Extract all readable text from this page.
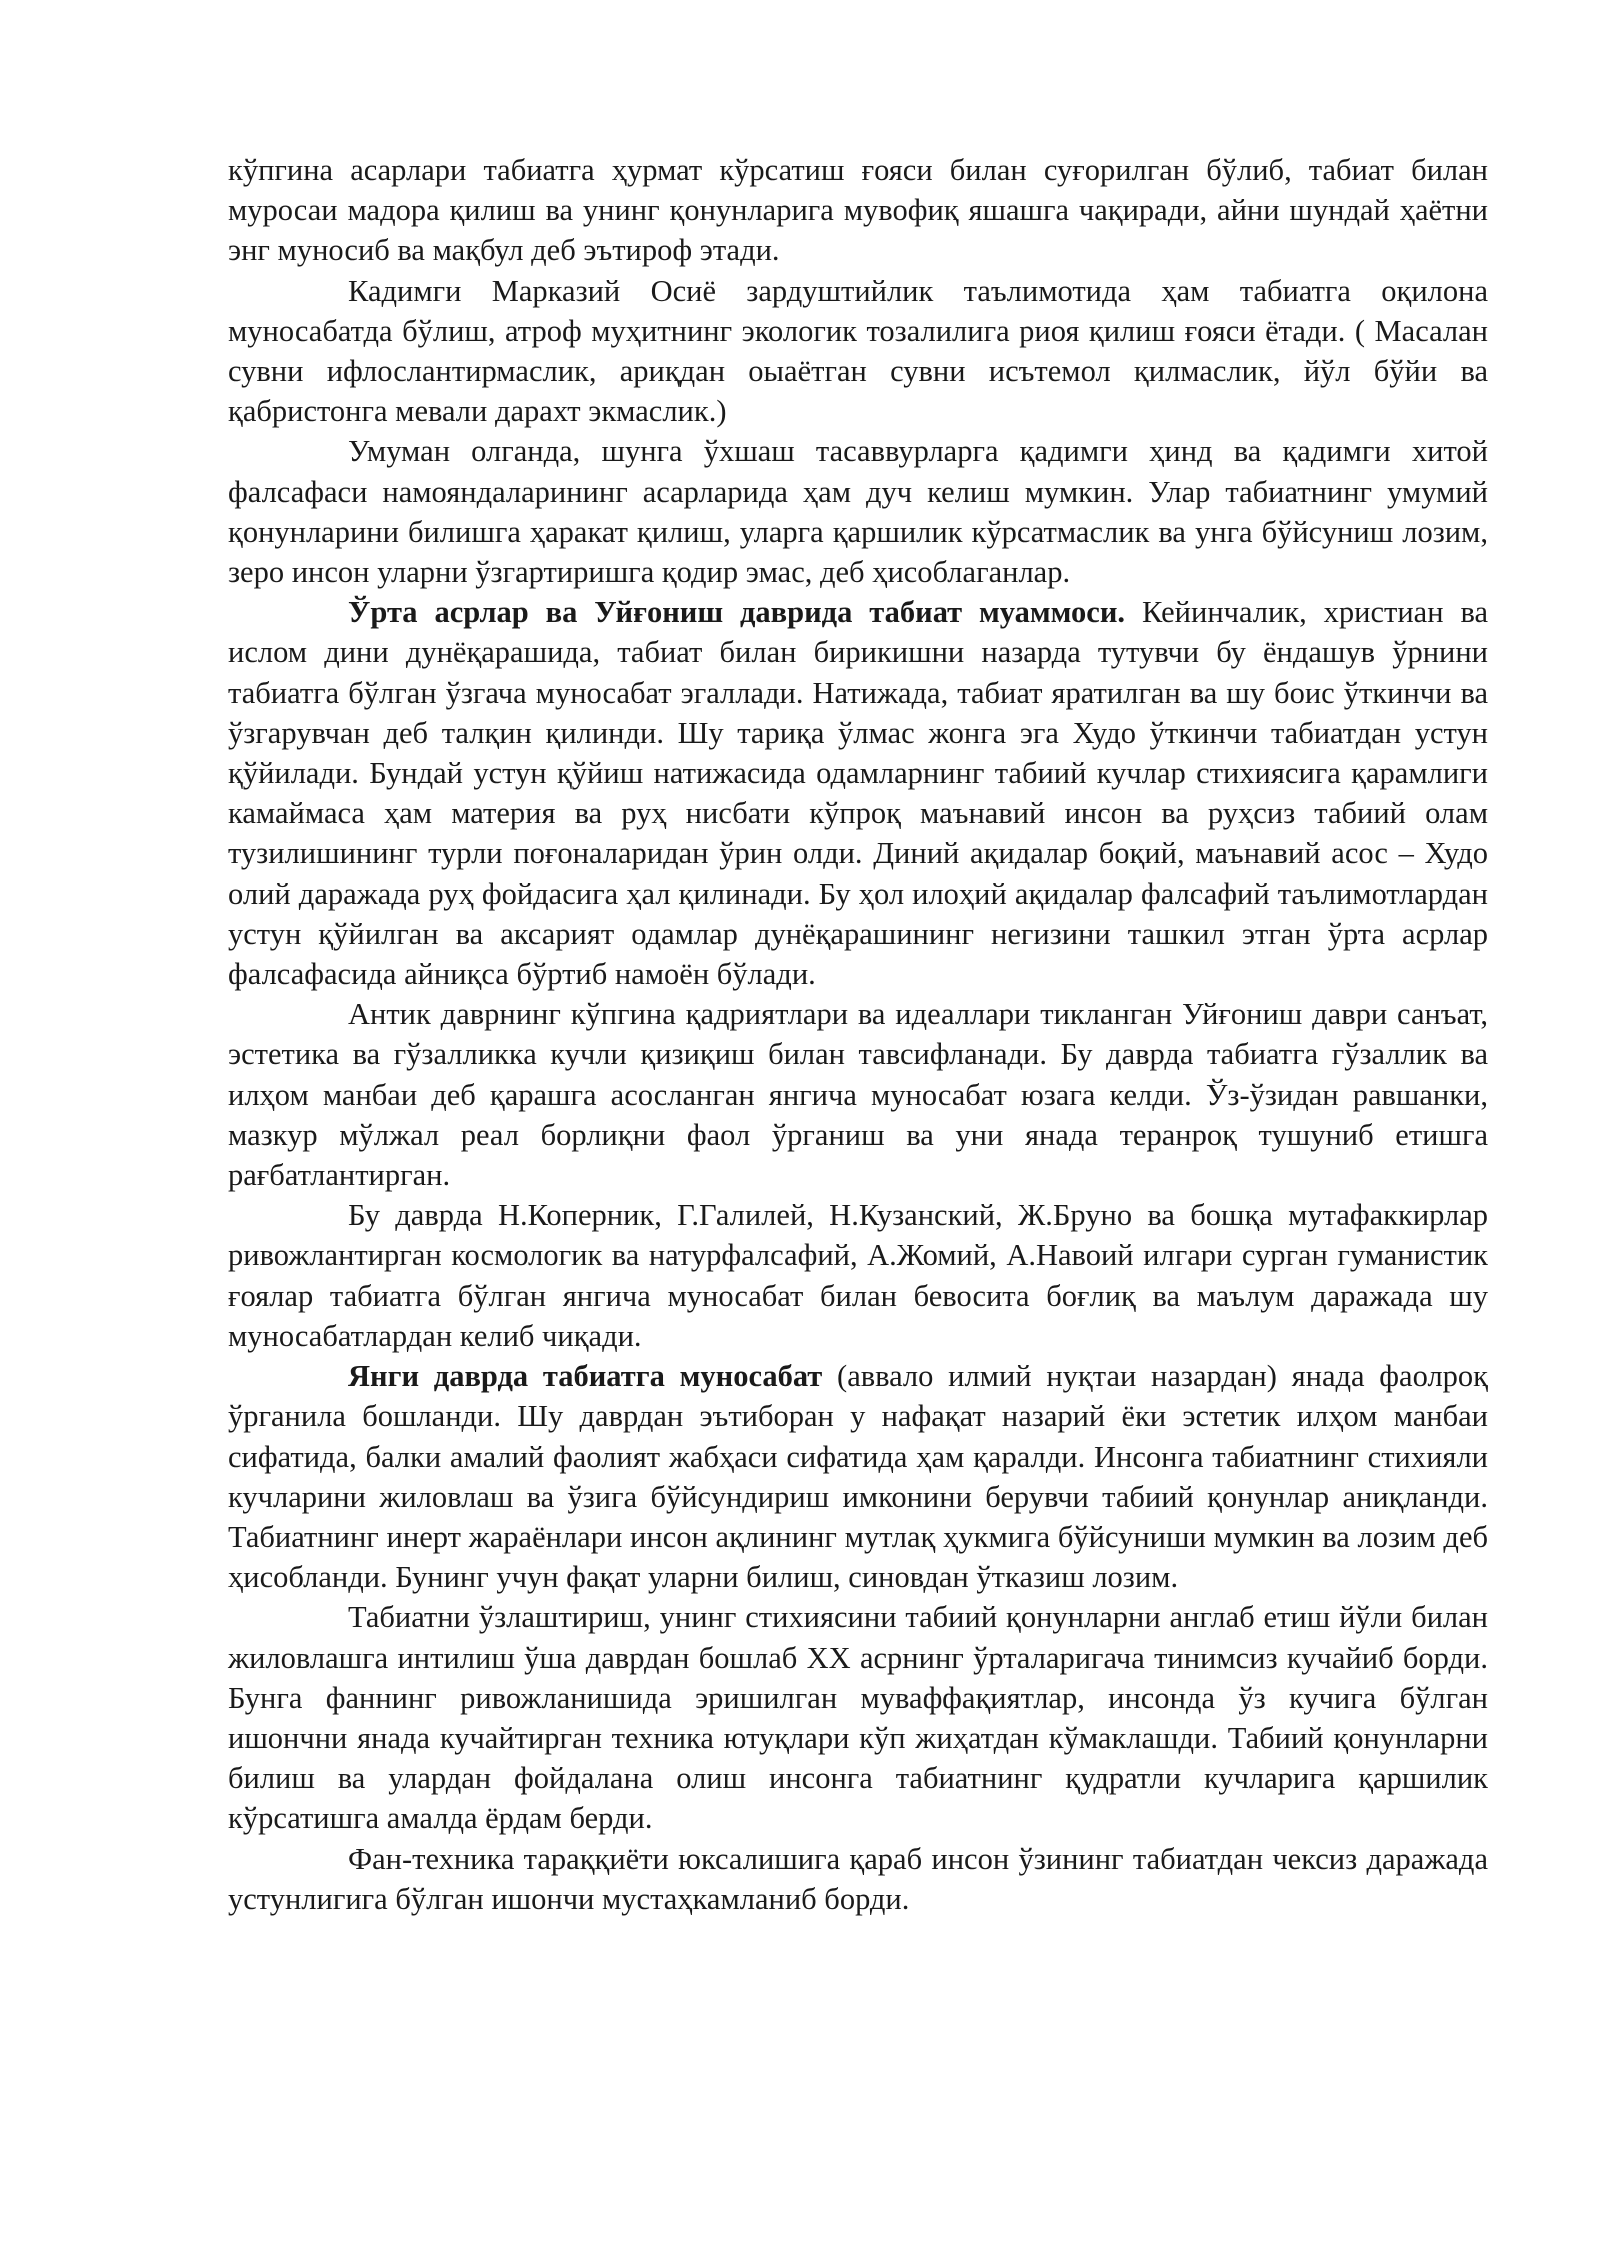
кўпгина асарлари табиатга ҳурмат кўрсатиш ғояси билан суғорилган бўлиб, табиат билан муросаи мадора қилиш ва унинг қонунларига мувофиқ яшашга чақиради, айни шундай ҳаётни энг муносиб ва мақбул деб эътироф этади.

Кадимги Марказий Осиё зардуштийлик таълимотида ҳам табиатга оқилона муносабатда бўлиш, атроф муҳитнинг экологик тозалилига риоя қилиш ғояси ётади. ( Масалан сувни ифлослантирмаслик, ариқдан оыаётган сувни исътемол қилмаслик, йўл бўйи ва қабристонга мевали дарахт экмаслик.)

Умуман олганда, шунга ўхшаш тасаввурларга қадимги ҳинд ва қадимги хитой фалсафаси намояндаларининг асарларида ҳам дуч келиш мумкин. Улар табиатнинг умумий қонунларини билишга ҳаракат қилиш, уларга қаршилик кўрсатмаслик ва унга бўйсуниш лозим, зеро инсон уларни ўзгартиришга қодир эмас, деб ҳисоблаганлар.

Ўрта асрлар ва Уйғониш даврида табиат муаммоси. Кейинчалик, христиан ва ислом дини дунёқарашида, табиат билан бирикишни назарда тутувчи бу ёндашув ўрнини табиатга бўлган ўзгача муносабат эгаллади. Натижада, табиат яратилган ва шу боис ўткинчи ва ўзгарувчан деб талқин қилинди. Шу тариқа ўлмас жонга эга Худо ўткинчи табиатдан устун қўйилади. Бундай устун қўйиш натижасида одамларнинг табиий кучлар стихиясига қарамлиги камаймаса ҳам материя ва руҳ нисбати кўпроқ маънавий инсон ва руҳсиз табиий олам тузилишининг турли поғоналаридан ўрин олди. Диний ақидалар боқий, маънавий асос – Худо олий даражада руҳ фойдасига ҳал қилинади. Бу ҳол илоҳий ақидалар фалсафий таълимотлардан устун қўйилган ва аксарият одамлар дунёқарашининг негизини ташкил этган ўрта асрлар фалсафасида айниқса бўртиб намоён бўлади.

Антик даврнинг кўпгина қадриятлари ва идеаллари тикланган Уйғониш даври санъат, эстетика ва гўзалликка кучли қизиқиш билан тавсифланади. Бу даврда табиатга гўзаллик ва илҳом манбаи деб қарашга асосланган янгича муносабат юзага келди. Ўз-ўзидан равшанки, мазкур мўлжал реал борлиқни фаол ўрганиш ва уни янада теранроқ тушуниб етишга рағбатлантирган.

Бу даврда Н.Коперник, Г.Галилей, Н.Кузанский, Ж.Бруно ва бошқа мутафаккирлар ривожлантирган космологик ва натурфалсафий, А.Жомий, А.Навоий илгари сурган гуманистик ғоялар табиатга бўлган янгича муносабат билан бевосита боғлиқ ва маълум даражада шу муносабатлардан келиб чиқади.

Янги даврда табиатга муносабат (аввало илмий нуқтаи назардан) янада фаолроқ ўрганила бошланди. Шу даврдан эътиборан у нафақат назарий ёки эстетик илҳом манбаи сифатида, балки амалий фаолият жабҳаси сифатида ҳам қаралди. Инсонга табиатнинг стихияли кучларини жиловлаш ва ўзига бўйсундириш имконини берувчи табиий қонунлар аниқланди. Табиатнинг инерт жараёнлари инсон ақлининг мутлақ ҳукмига бўйсуниши мумкин ва лозим деб ҳисобланди. Бунинг учун фақат уларни билиш, синовдан ўтказиш лозим.

Табиатни ўзлаштириш, унинг стихиясини табиий қонунларни англаб етиш йўли билан жиловлашга интилиш ўша даврдан бошлаб XX асрнинг ўрталаригача тинимсиз кучайиб борди. Бунга фаннинг ривожланишида эришилган муваффақиятлар, инсонда ўз кучига бўлган ишончни янада кучайтирган техника ютуқлари кўп жиҳатдан кўмаклашди. Табиий қонунларни билиш ва улардан фойдалана олиш инсонга табиатнинг қудратли кучларига қаршилик кўрсатишга амалда ёрдам берди.

Фан-техника тараққиёти юксалишига қараб инсон ўзининг табиатдан чексиз даражада устунлигига бўлган ишончи мустаҳкамланиб борди.
